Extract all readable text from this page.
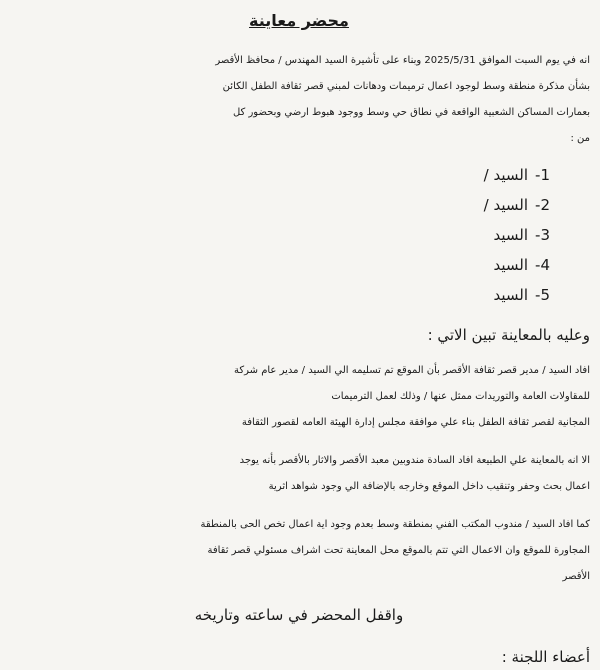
محضر معاينة

انه في يوم السبت الموافق 2025/5/31 وبناء على تأشيرة السيد المهندس / محافظ الأقصر
بشأن مذكرة منطقة وسط لوجود اعمال ترميمات ودهانات لمبني قصر ثقافة الطفل الكائن
بعمارات المساكن الشعبية الواقعة في نطاق حي وسط ووجود هبوط ارضي وبحضور كل
من :

1-
السيد /
2-
السيد /
3-
السيد
4-
السيد
5-
السيد

وعليه بالمعاينة تبين الاتي :

افاد السيد / مدير قصر ثقافة الأقصر بأن الموقع تم تسليمه الي السيد / مدير عام شركة
للمقاولات العامة والتوريدات ممثل عنها / وذلك لعمل الترميمات
المجانية لقصر ثقافة الطفل بناء علي موافقة مجلس إدارة الهيئة العامه لقصور الثقافة

الا انه بالمعاينة علي الطبيعة افاد السادة مندوبين معبد الأقصر والاثار بالأقصر بأنه يوجد
اعمال بحث وحفر وتنقيب داخل الموقع وخارجه بالإضافة الي وجود شواهد اثرية

كما افاد السيد / مندوب المكتب الفني بمنطقة وسط بعدم وجود اية اعمال تخص الحى بالمنطقة
المجاورة للموقع وان الاعمال التي تتم بالموقع محل المعاينة تحت اشراف مسئولي قصر ثقافة
الأقصر

واقفل المحضر في ساعته وتاريخه

أعضاء اللجنة :
